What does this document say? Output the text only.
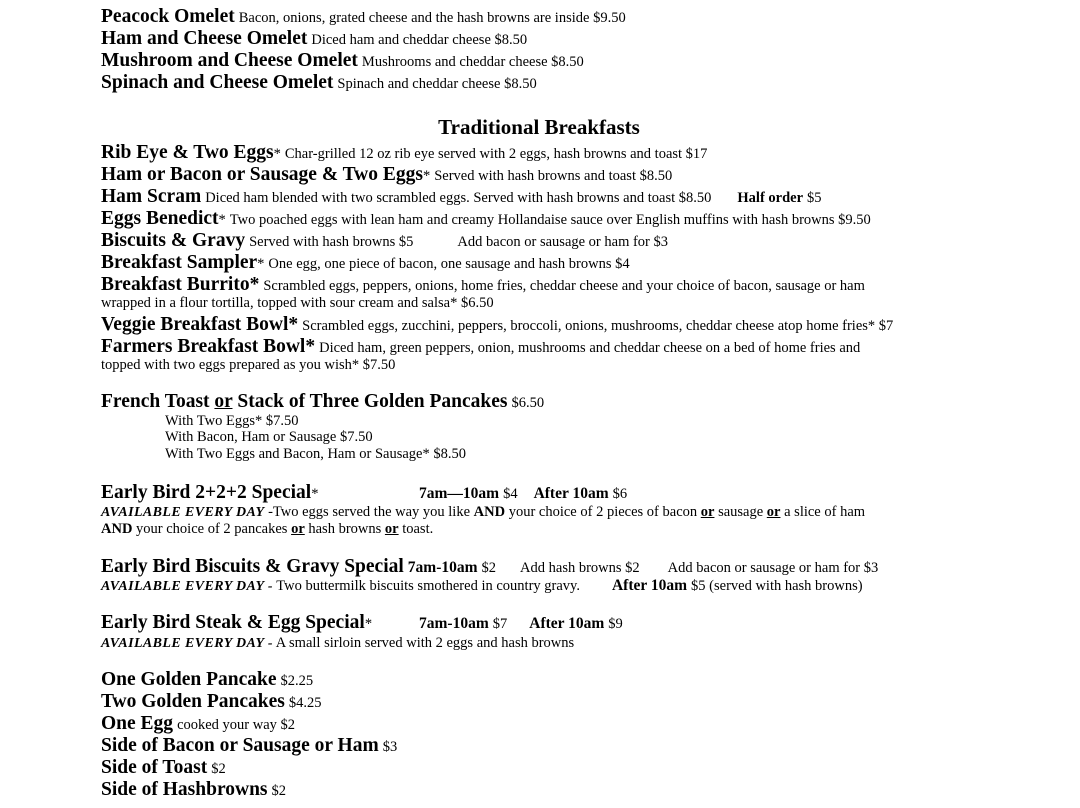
Peacock Omelet Bacon, onions, grated cheese and the hash browns are inside $9.50
Ham and Cheese Omelet Diced ham and cheddar cheese $8.50
Mushroom and Cheese Omelet Mushrooms and cheddar cheese $8.50
Spinach and Cheese Omelet Spinach and cheddar cheese $8.50
Traditional Breakfasts
Rib Eye & Two Eggs* Char-grilled 12 oz rib eye served with 2 eggs, hash browns and toast $17
Ham or Bacon or Sausage & Two Eggs* Served with hash browns and toast $8.50
Ham Scram Diced ham blended with two scrambled eggs. Served with hash browns and toast $8.50 Half order $5
Eggs Benedict* Two poached eggs with lean ham and creamy Hollandaise sauce over English muffins with hash browns $9.50
Biscuits & Gravy Served with hash browns $5	Add bacon or sausage or ham for $3
Breakfast Sampler* One egg, one piece of bacon, one sausage and hash browns $4
Breakfast Burrito* Scrambled eggs, peppers, onions, home fries, cheddar cheese and your choice of bacon, sausage or ham
wrapped in a flour tortilla, topped with sour cream and salsa* $6.50
Veggie Breakfast Bowl* Scrambled eggs, zucchini, peppers, broccoli, onions, mushrooms, cheddar cheese atop home fries* $7
Farmers Breakfast Bowl* Diced ham, green peppers, onion, mushrooms and cheddar cheese on a bed of home fries and
topped with two eggs prepared as you wish* $7.50
French Toast or Stack of Three Golden Pancakes $6.50
With Two Eggs* $7.50
With Bacon, Ham or Sausage $7.50
With Two Eggs and Bacon, Ham or Sausage* $8.50
Early Bird 2+2+2 Special*	7am—10am $4 After 10am $6
AVAILABLE EVERY DAY -Two eggs served the way you like AND your choice of 2 pieces of bacon or sausage or a slice of ham
AND your choice of 2 pancakes or hash browns or toast.
Early Bird Biscuits & Gravy Special 7am-10am $2 Add hash browns $2 Add bacon or sausage or ham for $3
AVAILABLE EVERY DAY - Two buttermilk biscuits smothered in country gravy. After 10am $5 (served with hash browns)
Early Bird Steak & Egg Special*	7am-10am $7 After 10am $9
AVAILABLE EVERY DAY - A small sirloin served with 2 eggs and hash browns
One Golden Pancake $2.25
Two Golden Pancakes $4.25
One Egg cooked your way $2
Side of Bacon or Sausage or Ham $3
Side of Toast $2
Side of Hashbrowns $2
